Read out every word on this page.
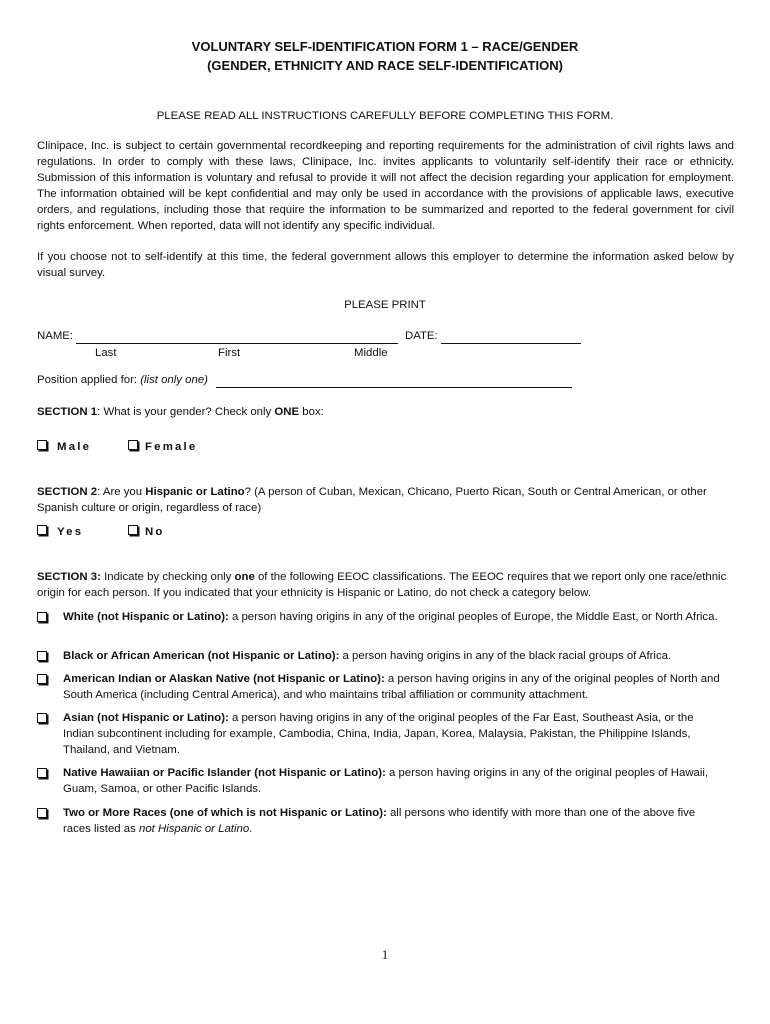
VOLUNTARY SELF-IDENTIFICATION FORM 1 – RACE/GENDER
(GENDER, ETHNICITY AND RACE SELF-IDENTIFICATION)
PLEASE READ ALL INSTRUCTIONS CAREFULLY BEFORE COMPLETING THIS FORM.
Clinipace, Inc. is subject to certain governmental recordkeeping and reporting requirements for the administration of civil rights laws and regulations. In order to comply with these laws, Clinipace, Inc. invites applicants to voluntarily self-identify their race or ethnicity. Submission of this information is voluntary and refusal to provide it will not affect the decision regarding your application for employment. The information obtained will be kept confidential and may only be used in accordance with the provisions of applicable laws, executive orders, and regulations, including those that require the information to be summarized and reported to the federal government for civil rights enforcement. When reported, data will not identify any specific individual.
If you choose not to self-identify at this time, the federal government allows this employer to determine the information asked below by visual survey.
PLEASE PRINT
NAME:	DATE:
Last	First	Middle
Position applied for: (list only one)
SECTION 1: What is your gender? Check only ONE box:
Male	Female
SECTION 2: Are you Hispanic or Latino? (A person of Cuban, Mexican, Chicano, Puerto Rican, South or Central American, or other Spanish culture or origin, regardless of race)
Yes	No
SECTION 3: Indicate by checking only one of the following EEOC classifications. The EEOC requires that we report only one race/ethnic origin for each person. If you indicated that your ethnicity is Hispanic or Latino, do not check a category below.
White (not Hispanic or Latino): a person having origins in any of the original peoples of Europe, the Middle East, or North Africa.
Black or African American (not Hispanic or Latino): a person having origins in any of the black racial groups of Africa.
American Indian or Alaskan Native (not Hispanic or Latino): a person having origins in any of the original peoples of North and South America (including Central America), and who maintains tribal affiliation or community attachment.
Asian (not Hispanic or Latino): a person having origins in any of the original peoples of the Far East, Southeast Asia, or the Indian subcontinent including for example, Cambodia, China, India, Japan, Korea, Malaysia, Pakistan, the Philippine Islands, Thailand, and Vietnam.
Native Hawaiian or Pacific Islander (not Hispanic or Latino): a person having origins in any of the original peoples of Hawaii, Guam, Samoa, or other Pacific Islands.
Two or More Races (one of which is not Hispanic or Latino): all persons who identify with more than one of the above five races listed as not Hispanic or Latino.
1
